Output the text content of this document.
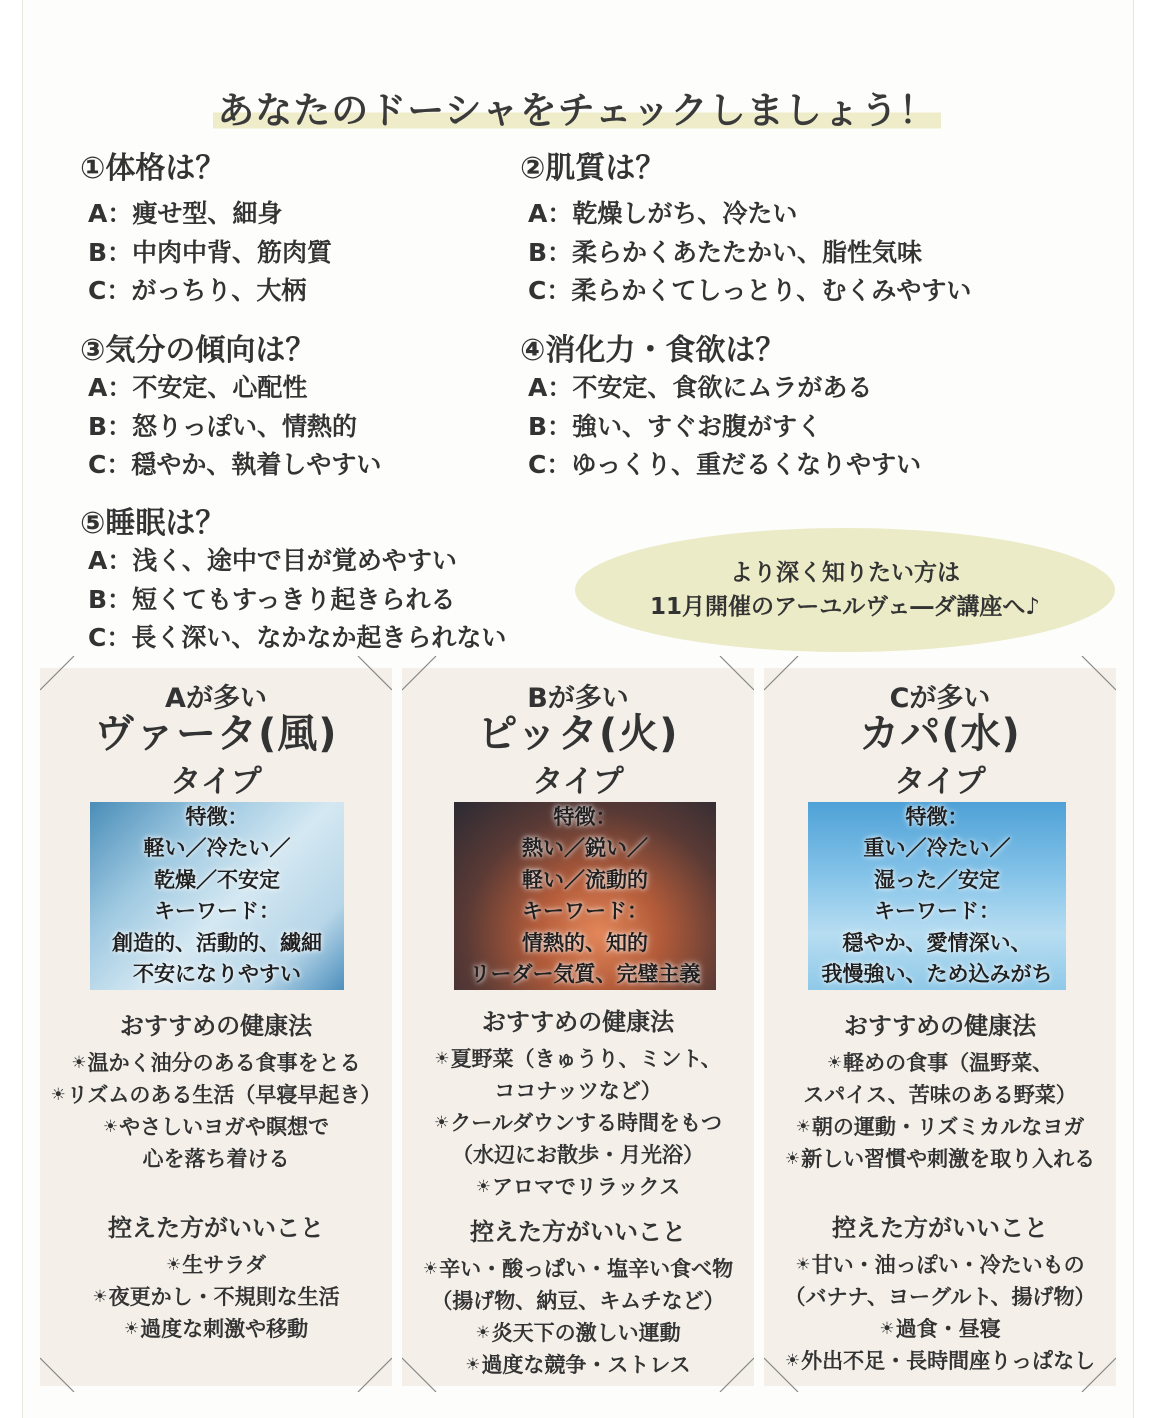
あなたのドーシャをチェックしましょう！
①体格は？
A：痩せ型、細身
B：中肉中背、筋肉質
C：がっちり、大柄
②肌質は？
A：乾燥しがち、冷たい
B：柔らかくあたたかい、脂性気味
C：柔らかくてしっとり、むくみやすい
③気分の傾向は？
A：不安定、心配性
B：怒りっぽい、情熱的
C：穏やか、執着しやすい
④消化力・食欲は？
A：不安定、食欲にムラがある
B：強い、すぐお腹がすく
C：ゆっくり、重だるくなりやすい
⑤睡眠は？
A：浅く、途中で目が覚めやすい
B：短くてもすっきり起きられる
C：長く深い、なかなか起きられない
より深く知りたい方は
11月開催のアーユルヴェ―ダ講座へ♪
Aが多い
ヴァータ(風)
タイプ
特徴：
軽い／冷たい／
乾燥／不安定
キーワード：
創造的、活動的、繊細
不安になりやすい
おすすめの健康法
☀温かく油分のある食事をとる
☀リズムのある生活（早寝早起き）
☀やさしいヨガや瞑想で
心を落ち着ける
控えた方がいいこと
☀生サラダ
☀夜更かし・不規則な生活
☀過度な刺激や移動
Bが多い
ピッタ(火)
タイプ
特徴：
熱い／鋭い／
軽い／流動的
キーワード：
情熱的、知的
リーダー気質、完璧主義
おすすめの健康法
☀夏野菜（きゅうり、ミント、
ココナッツなど）
☀クールダウンする時間をもつ
（水辺にお散歩・月光浴）
☀アロマでリラックス
控えた方がいいこと
☀辛い・酸っぱい・塩辛い食べ物
（揚げ物、納豆、キムチなど）
☀炎天下の激しい運動
☀過度な競争・ストレス
Cが多い
カパ(水)
タイプ
特徴：
重い／冷たい／
湿った／安定
キーワード：
穏やか、愛情深い、
我慢強い、ため込みがち
おすすめの健康法
☀軽めの食事（温野菜、
スパイス、苦味のある野菜）
☀朝の運動・リズミカルなヨガ
☀新しい習慣や刺激を取り入れる
控えた方がいいこと
☀甘い・油っぽい・冷たいもの
（バナナ、ヨーグルト、揚げ物）
☀過食・昼寝
☀外出不足・長時間座りっぱなし
